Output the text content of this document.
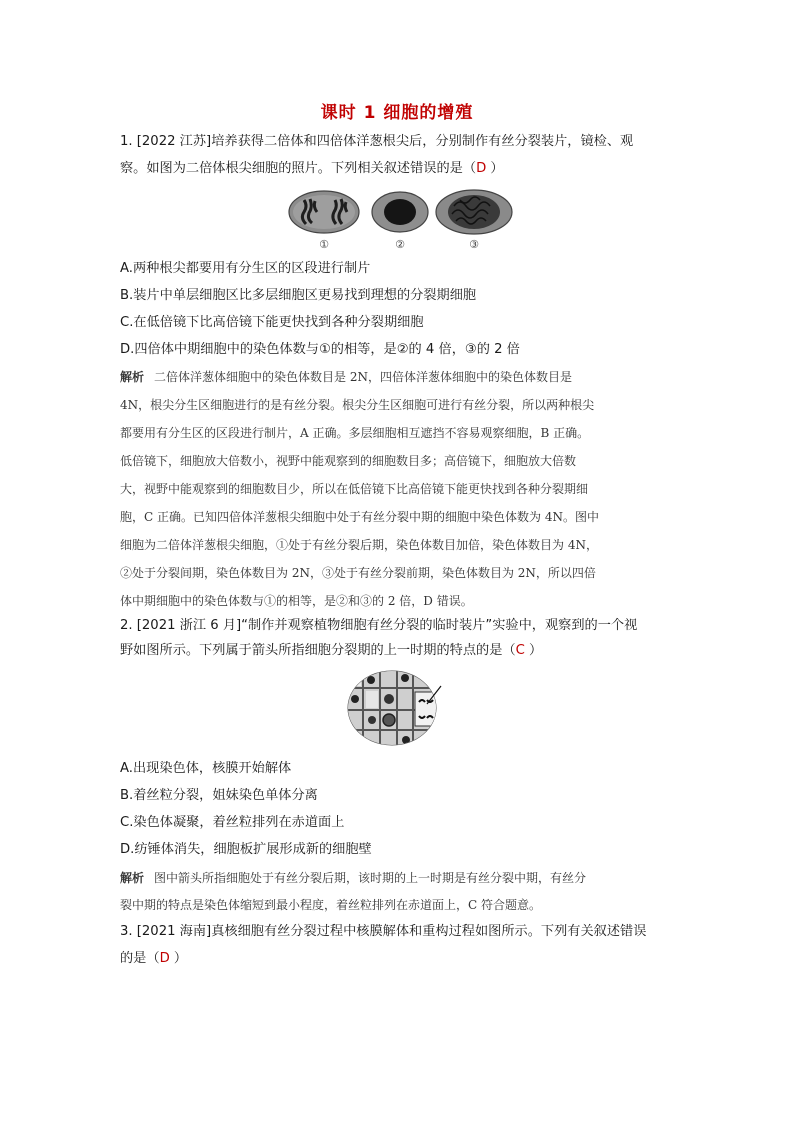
课时 1 细胞的增殖
1. [2022 江苏]培养获得二倍体和四倍体洋葱根尖后，分别制作有丝分裂装片，镜检、观
察。如图为二倍体根尖细胞的照片。下列相关叙述错误的是（D ）
①	②	③
A.两种根尖都要用有分生区的区段进行制片
B.装片中单层细胞区比多层细胞区更易找到理想的分裂期细胞
C.在低倍镜下比高倍镜下能更快找到各种分裂期细胞
D.四倍体中期细胞中的染色体数与①的相等，是②的 4 倍，③的 2 倍
解析 二倍体洋葱体细胞中的染色体数目是 2N，四倍体洋葱体细胞中的染色体数目是
4N，根尖分生区细胞进行的是有丝分裂。根尖分生区细胞可进行有丝分裂，所以两种根尖
都要用有分生区的区段进行制片，A 正确。多层细胞相互遮挡不容易观察细胞，B 正确。
低倍镜下，细胞放大倍数小，视野中能观察到的细胞数目多；高倍镜下，细胞放大倍数
大，视野中能观察到的细胞数目少，所以在低倍镜下比高倍镜下能更快找到各种分裂期细
胞，C 正确。已知四倍体洋葱根尖细胞中处于有丝分裂中期的细胞中染色体数为 4N。图中
细胞为二倍体洋葱根尖细胞，①处于有丝分裂后期，染色体数目加倍，染色体数目为 4N，
②处于分裂间期，染色体数目为 2N，③处于有丝分裂前期，染色体数目为 2N，所以四倍
体中期细胞中的染色体数与①的相等，是②和③的 2 倍，D 错误。
2. [2021 浙江 6 月]“制作并观察植物细胞有丝分裂的临时装片”实验中，观察到的一个视
野如图所示。下列属于箭头所指细胞分裂期的上一时期的特点的是（C ）
A.出现染色体，核膜开始解体
B.着丝粒分裂，姐妹染色单体分离
C.染色体凝聚，着丝粒排列在赤道面上
D.纺锤体消失，细胞板扩展形成新的细胞壁
解析 图中箭头所指细胞处于有丝分裂后期，该时期的上一时期是有丝分裂中期，有丝分
裂中期的特点是染色体缩短到最小程度，着丝粒排列在赤道面上，C 符合题意。
3. [2021 海南]真核细胞有丝分裂过程中核膜解体和重构过程如图所示。下列有关叙述错误
的是（D ）
